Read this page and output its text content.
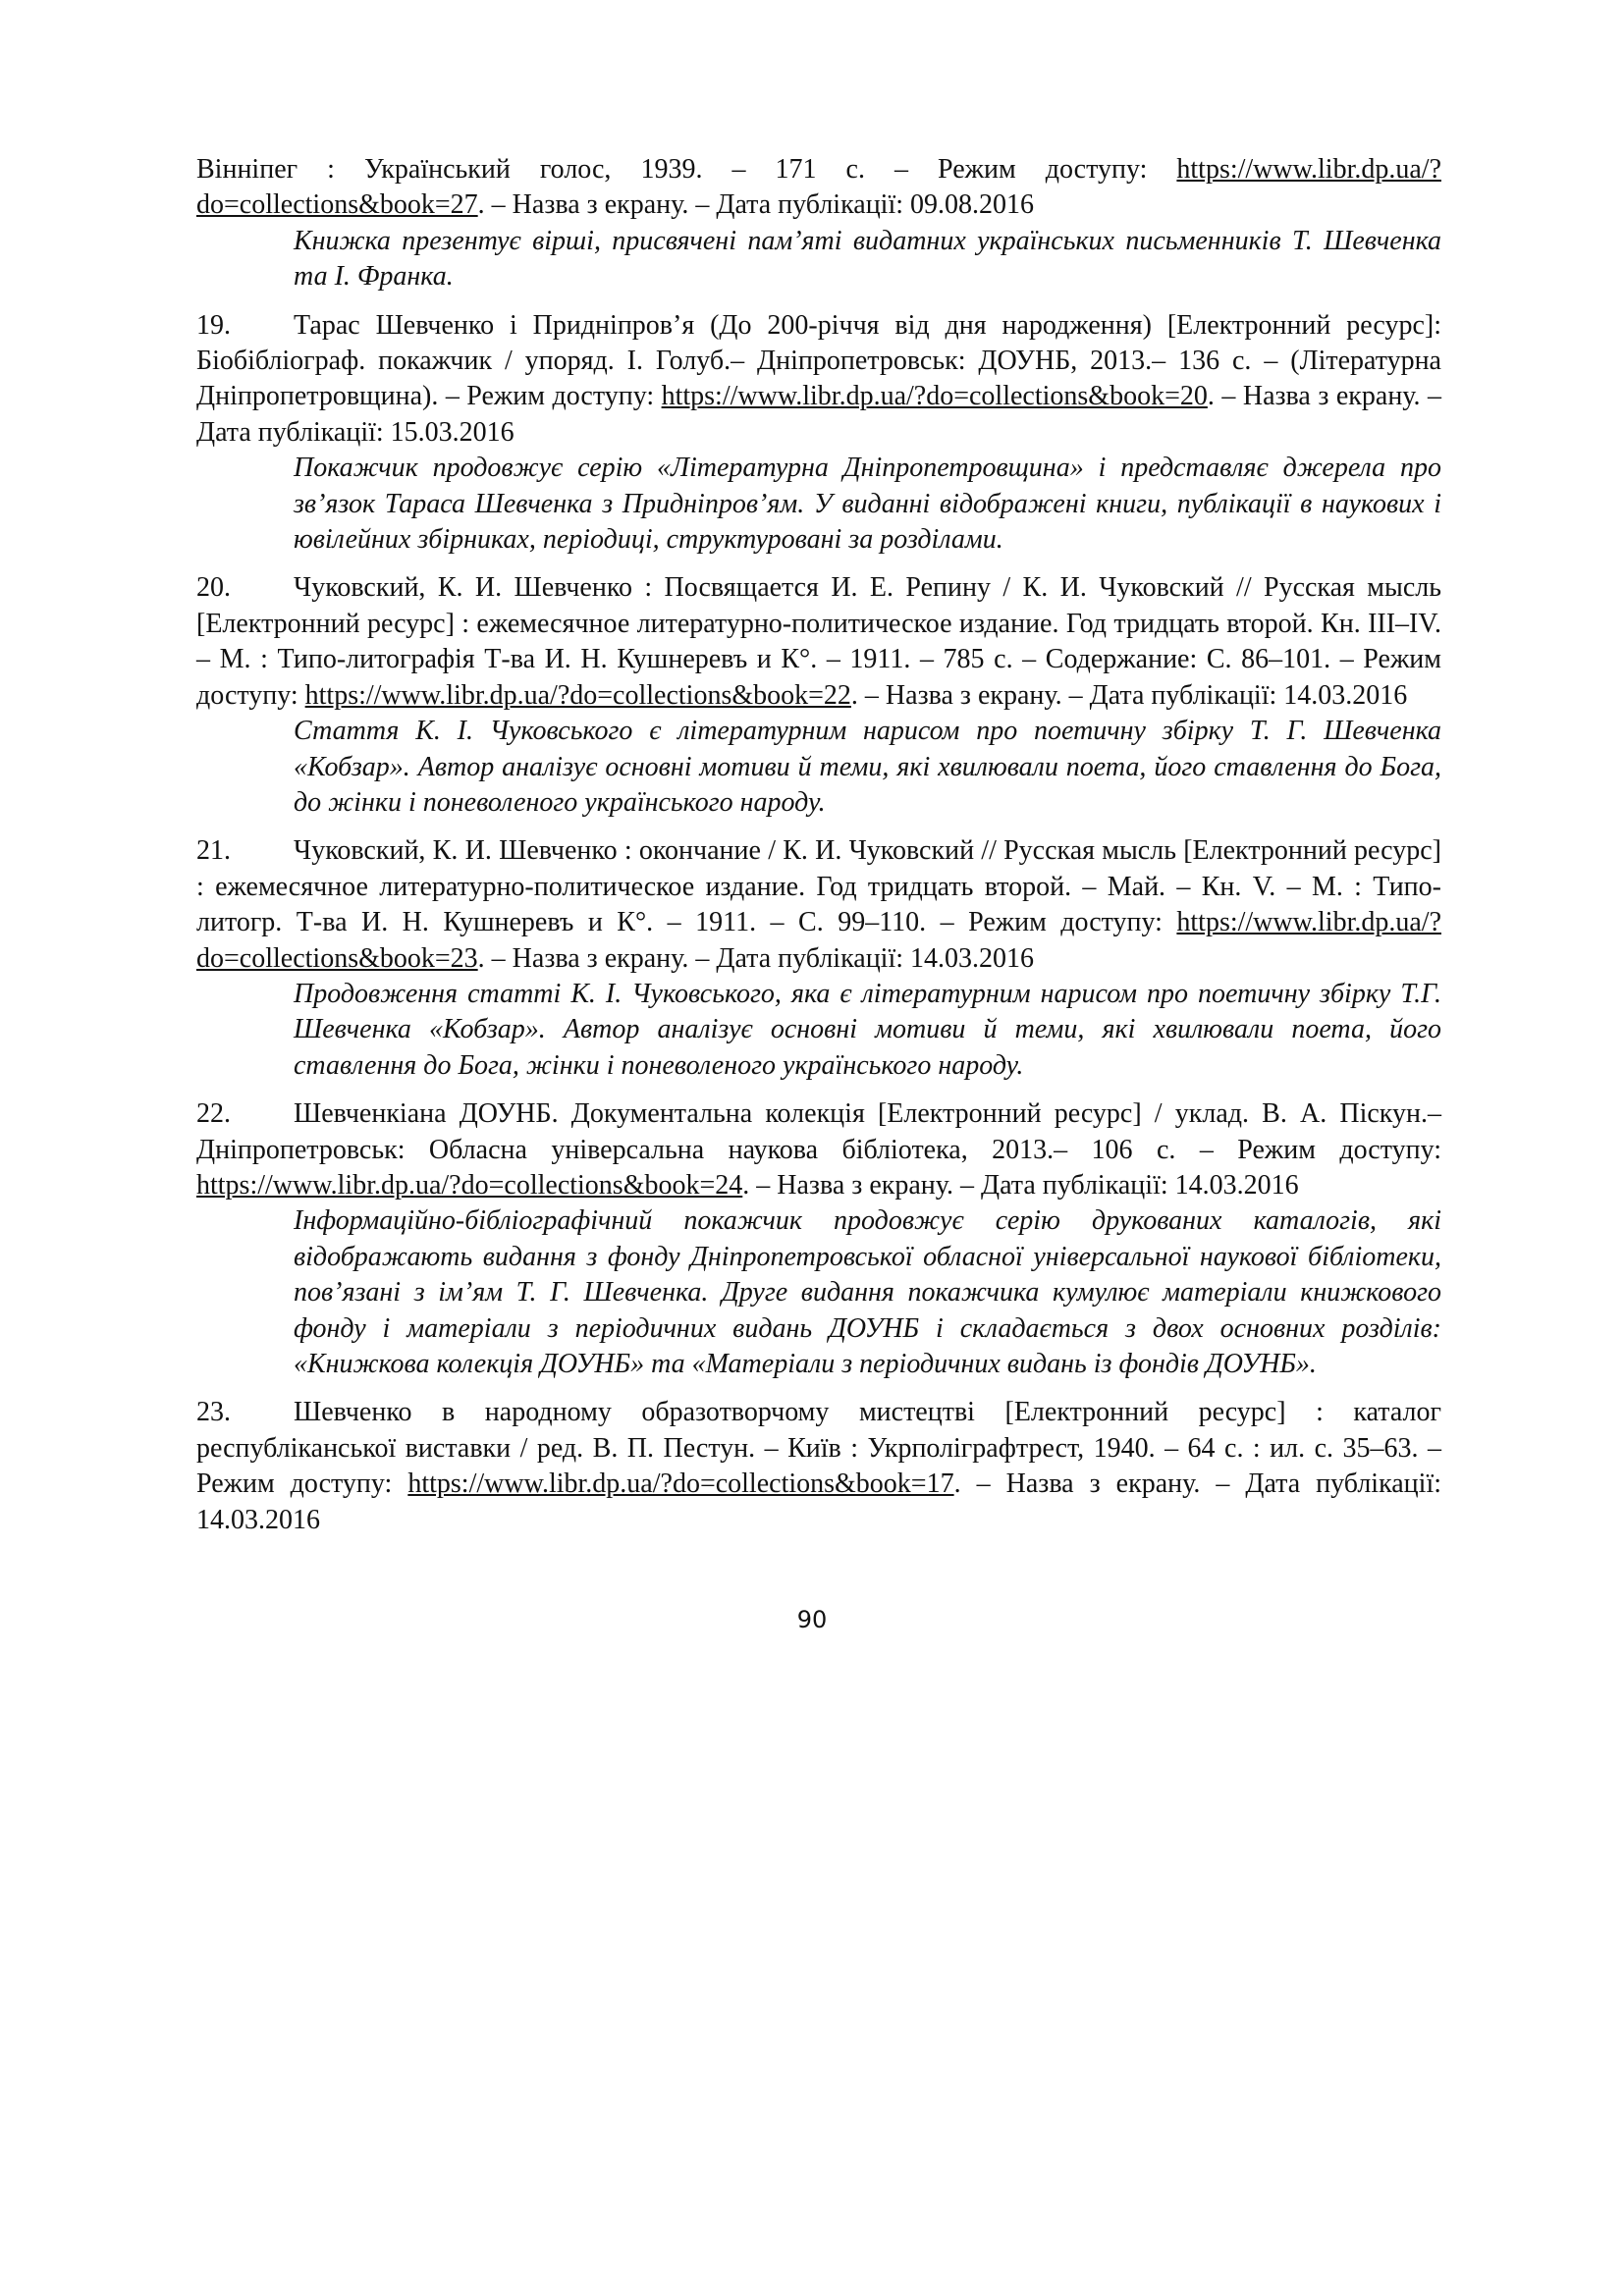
Вінніпег : Український голос, 1939. – 171 с. – Режим доступу: https://www.libr.dp.ua/?do=collections&book=27. – Назва з екрану. – Дата публікації: 09.08.2016

Книжка презентує вірші, присвячені пам’яті видатних українських письменників Т. Шевченка та І. Франка.

19. Тарас Шевченко і Придніпров’я (До 200-річчя від дня народження) [Електронний ресурс]: Біобібліограф. покажчик / упоряд. І. Голуб.– Дніпропетровськ: ДОУНБ, 2013.– 136 с. – (Літературна Дніпропетровщина). – Режим доступу: https://www.libr.dp.ua/?do=collections&book=20. – Назва з екрану. – Дата публікації: 15.03.2016

Покажчик продовжує серію «Літературна Дніпропетровщина» і представляє джерела про зв’язок Тараса Шевченка з Придніпров’ям. У виданні відображені книги, публікації в наукових і ювілейних збірниках, періодиці, структуровані за розділами.

20. Чуковский, К. И. Шевченко : Посвящается И. Е. Репину / К. И. Чуковский // Русская мысль [Електронний ресурс] : ежемесячное литературно-политическое издание. Год тридцать второй. Кн. III–IV. – М. : Типо-литографія Т-ва И. Н. Кушнеревъ и К°. – 1911. – 785 с. – Содержание: С. 86–101. – Режим доступу: https://www.libr.dp.ua/?do=collections&book=22. – Назва з екрану. – Дата публікації: 14.03.2016

Стаття К. І. Чуковського є літературним нарисом про поетичну збірку Т. Г. Шевченка «Кобзар». Автор аналізує основні мотиви й теми, які хвилювали поета, його ставлення до Бога, до жінки і поневоленого українського народу.

21. Чуковский, К. И. Шевченко : окончание / К. И. Чуковский // Русская мысль [Електронний ресурс] : ежемесячное литературно-политическое издание. Год тридцать второй. – Май. – Кн. V. – М. : Типо-литогр. Т-ва И. Н. Кушнеревъ и К°. – 1911. – С. 99–110. – Режим доступу: https://www.libr.dp.ua/?do=collections&book=23. – Назва з екрану. – Дата публікації: 14.03.2016

Продовження статті К. І. Чуковського, яка є літературним нарисом про поетичну збірку Т.Г. Шевченка «Кобзар». Автор аналізує основні мотиви й теми, які хвилювали поета, його ставлення до Бога, жінки і поневоленого українського народу.

22. Шевченкіана ДОУНБ. Документальна колекція [Електронний ресурс] / уклад. В. А. Піскун.– Дніпропетровськ: Обласна універсальна наукова бібліотека, 2013.– 106 с. – Режим доступу: https://www.libr.dp.ua/?do=collections&book=24. – Назва з екрану. – Дата публікації: 14.03.2016

Інформаційно-бібліографічний покажчик продовжує серію друкованих каталогів, які відображають видання з фонду Дніпропетровської обласної універсальної наукової бібліотеки, пов’язані з ім’ям Т. Г. Шевченка. Друге видання покажчика кумулює матеріали книжкового фонду і матеріали з періодичних видань ДОУНБ і складається з двох основних розділів: «Книжкова колекція ДОУНБ» та «Матеріали з періодичних видань із фондів ДОУНБ».

23. Шевченко в народному образотворчому мистецтві [Електронний ресурс] : каталог республіканської виставки / ред. В. П. Пестун. – Київ : Укрполіграфтрест, 1940. – 64 с. : ил. с. 35–63. – Режим доступу: https://www.libr.dp.ua/?do=collections&book=17. – Назва з екрану. – Дата публікації: 14.03.2016

90
